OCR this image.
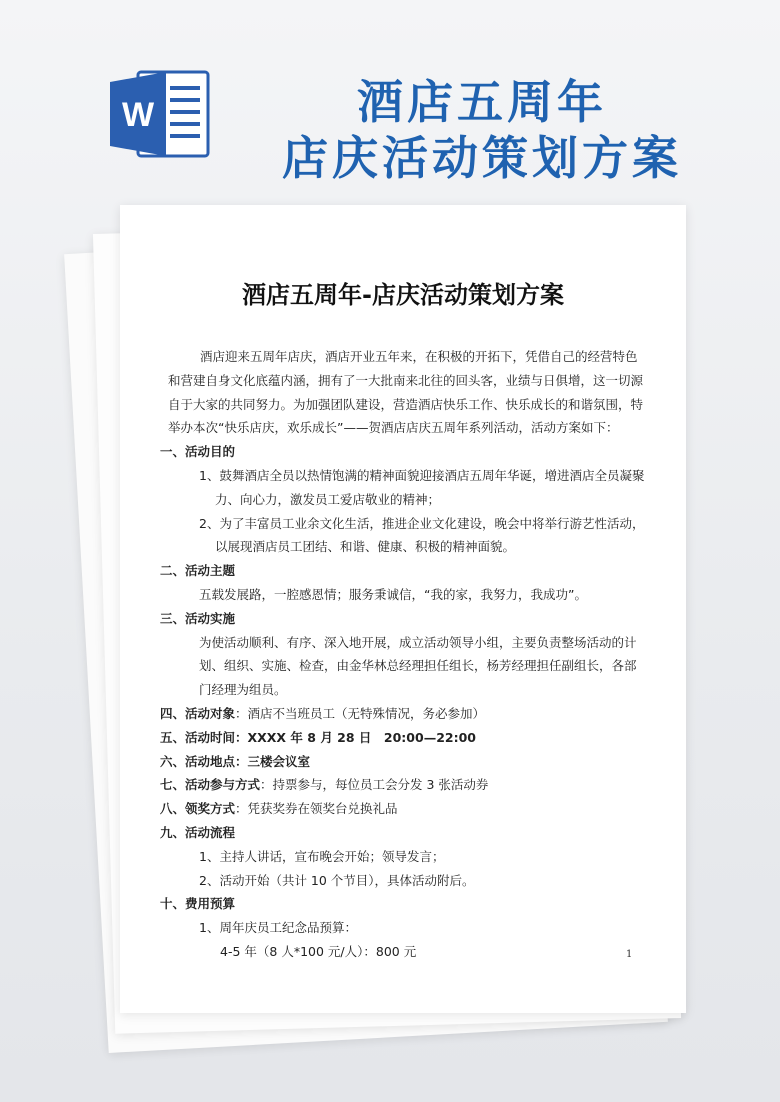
W	酒店五周年
店庆活动策划方案
酒店五周年-店庆活动策划方案

酒店迎来五周年店庆，酒店开业五年来，在积极的开拓下，凭借自己的经营特色和营建自身文化底蕴内涵，拥有了一大批南来北往的回头客，业绩与日俱增，这一切源自于大家的共同努力。为加强团队建设，营造酒店快乐工作、快乐成长的和谐氛围，特举办本次“快乐店庆，欢乐成长”——贺酒店店庆五周年系列活动，活动方案如下：

一、活动目的

1、鼓舞酒店全员以热情饱满的精神面貌迎接酒店五周年华诞，增进酒店全员凝聚力、向心力，激发员工爱店敬业的精神；

2、为了丰富员工业余文化生活，推进企业文化建设，晚会中将举行游艺性活动，以展现酒店员工团结、和谐、健康、积极的精神面貌。

二、活动主题

五载发展路，一腔感恩情；服务秉诚信，“我的家，我努力，我成功”。

三、活动实施

为使活动顺利、有序、深入地开展，成立活动领导小组，主要负责整场活动的计划、组织、实施、检查，由金华林总经理担任组长，杨芳经理担任副组长，各部门经理为组员。

四、活动对象：酒店不当班员工（无特殊情况，务必参加）

五、活动时间：XXXX 年 8 月 28 日　20:00—22:00

六、活动地点：三楼会议室

七、活动参与方式：持票参与，每位员工会分发 3 张活动券

八、领奖方式：凭获奖券在领奖台兑换礼品

九、活动流程

1、主持人讲话，宣布晚会开始；领导发言；

2、活动开始（共计 10 个节目），具体活动附后。

十、费用预算

1、周年庆员工纪念品预算：

4-5 年（8 人*100 元/人）：800 元	1
